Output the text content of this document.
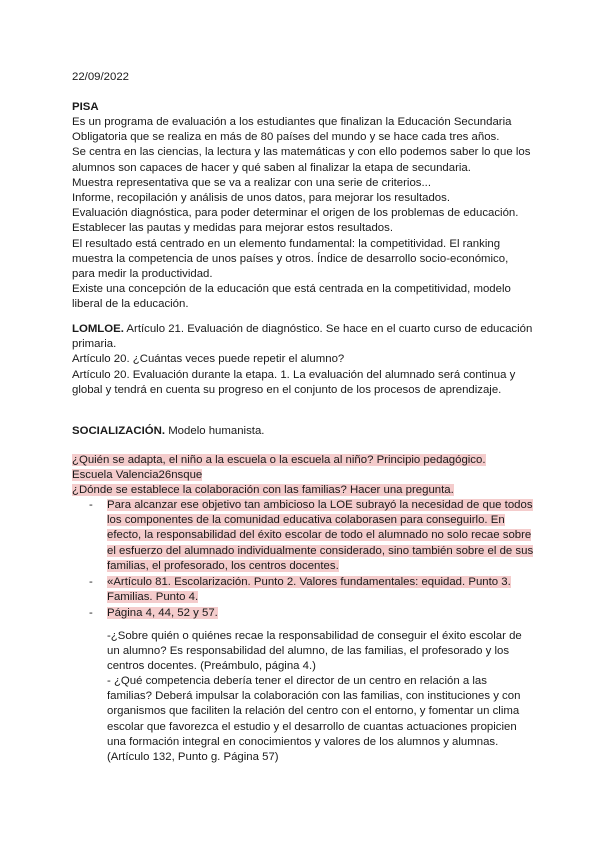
22/09/2022

PISA

Es un programa de evaluación a los estudiantes que finalizan la Educación Secundaria Obligatoria que se realiza en más de 80 países del mundo y se hace cada tres años.
Se centra en las ciencias, la lectura y las matemáticas y con ello podemos saber lo que los alumnos son capaces de hacer y qué saben al finalizar la etapa de secundaria.
Muestra representativa que se va a realizar con una serie de criterios...
Informe, recopilación y análisis de unos datos, para mejorar los resultados.
Evaluación diagnóstica, para poder determinar el origen de los problemas de educación.
Establecer las pautas y medidas para mejorar estos resultados.
El resultado está centrado en un elemento fundamental: la competitividad. El ranking muestra la competencia de unos países y otros. Índice de desarrollo socio-económico, para medir la productividad.
Existe una concepción de la educación que está centrada en la competitividad, modelo liberal de la educación.
LOMLOE. Artículo 21. Evaluación de diagnóstico. Se hace en el cuarto curso de educación primaria.
Artículo 20. ¿Cuántas veces puede repetir el alumno?
Artículo 20. Evaluación durante la etapa. 1. La evaluación del alumnado será continua y global y tendrá en cuenta su progreso en el conjunto de los procesos de aprendizaje.

SOCIALIZACIÓN. Modelo humanista.

¿Quién se adapta, el niño a la escuela o la escuela al niño? Principio pedagógico.
Escuela Valencia26nsque
¿Dónde se establece la colaboración con las familias? Hacer una pregunta.
- Para alcanzar ese objetivo tan ambicioso la LOE subrayó la necesidad de que todos los componentes de la comunidad educativa colaborasen para conseguirlo. En efecto, la responsabilidad del éxito escolar de todo el alumnado no solo recae sobre el esfuerzo del alumnado individualmente considerado, sino también sobre el de sus familias, el profesorado, los centros docentes.
- «Artículo 81. Escolarización. Punto 2. Valores fundamentales: equidad. Punto 3. Familias. Punto 4.
- Página 4, 44, 52 y 57.

-¿Sobre quién o quiénes recae la responsabilidad de conseguir el éxito escolar de un alumno? Es responsabilidad del alumno, de las familias, el profesorado y los centros docentes. (Preámbulo, página 4.)

- ¿Qué competencia debería tener el director de un centro en relación a las familias? Deberá impulsar la colaboración con las familias, con instituciones y con organismos que faciliten la relación del centro con el entorno, y fomentar un clima escolar que favorezca el estudio y el desarrollo de cuantas actuaciones propicien una formación integral en conocimientos y valores de los alumnos y alumnas. (Artículo 132, Punto g. Página 57)
